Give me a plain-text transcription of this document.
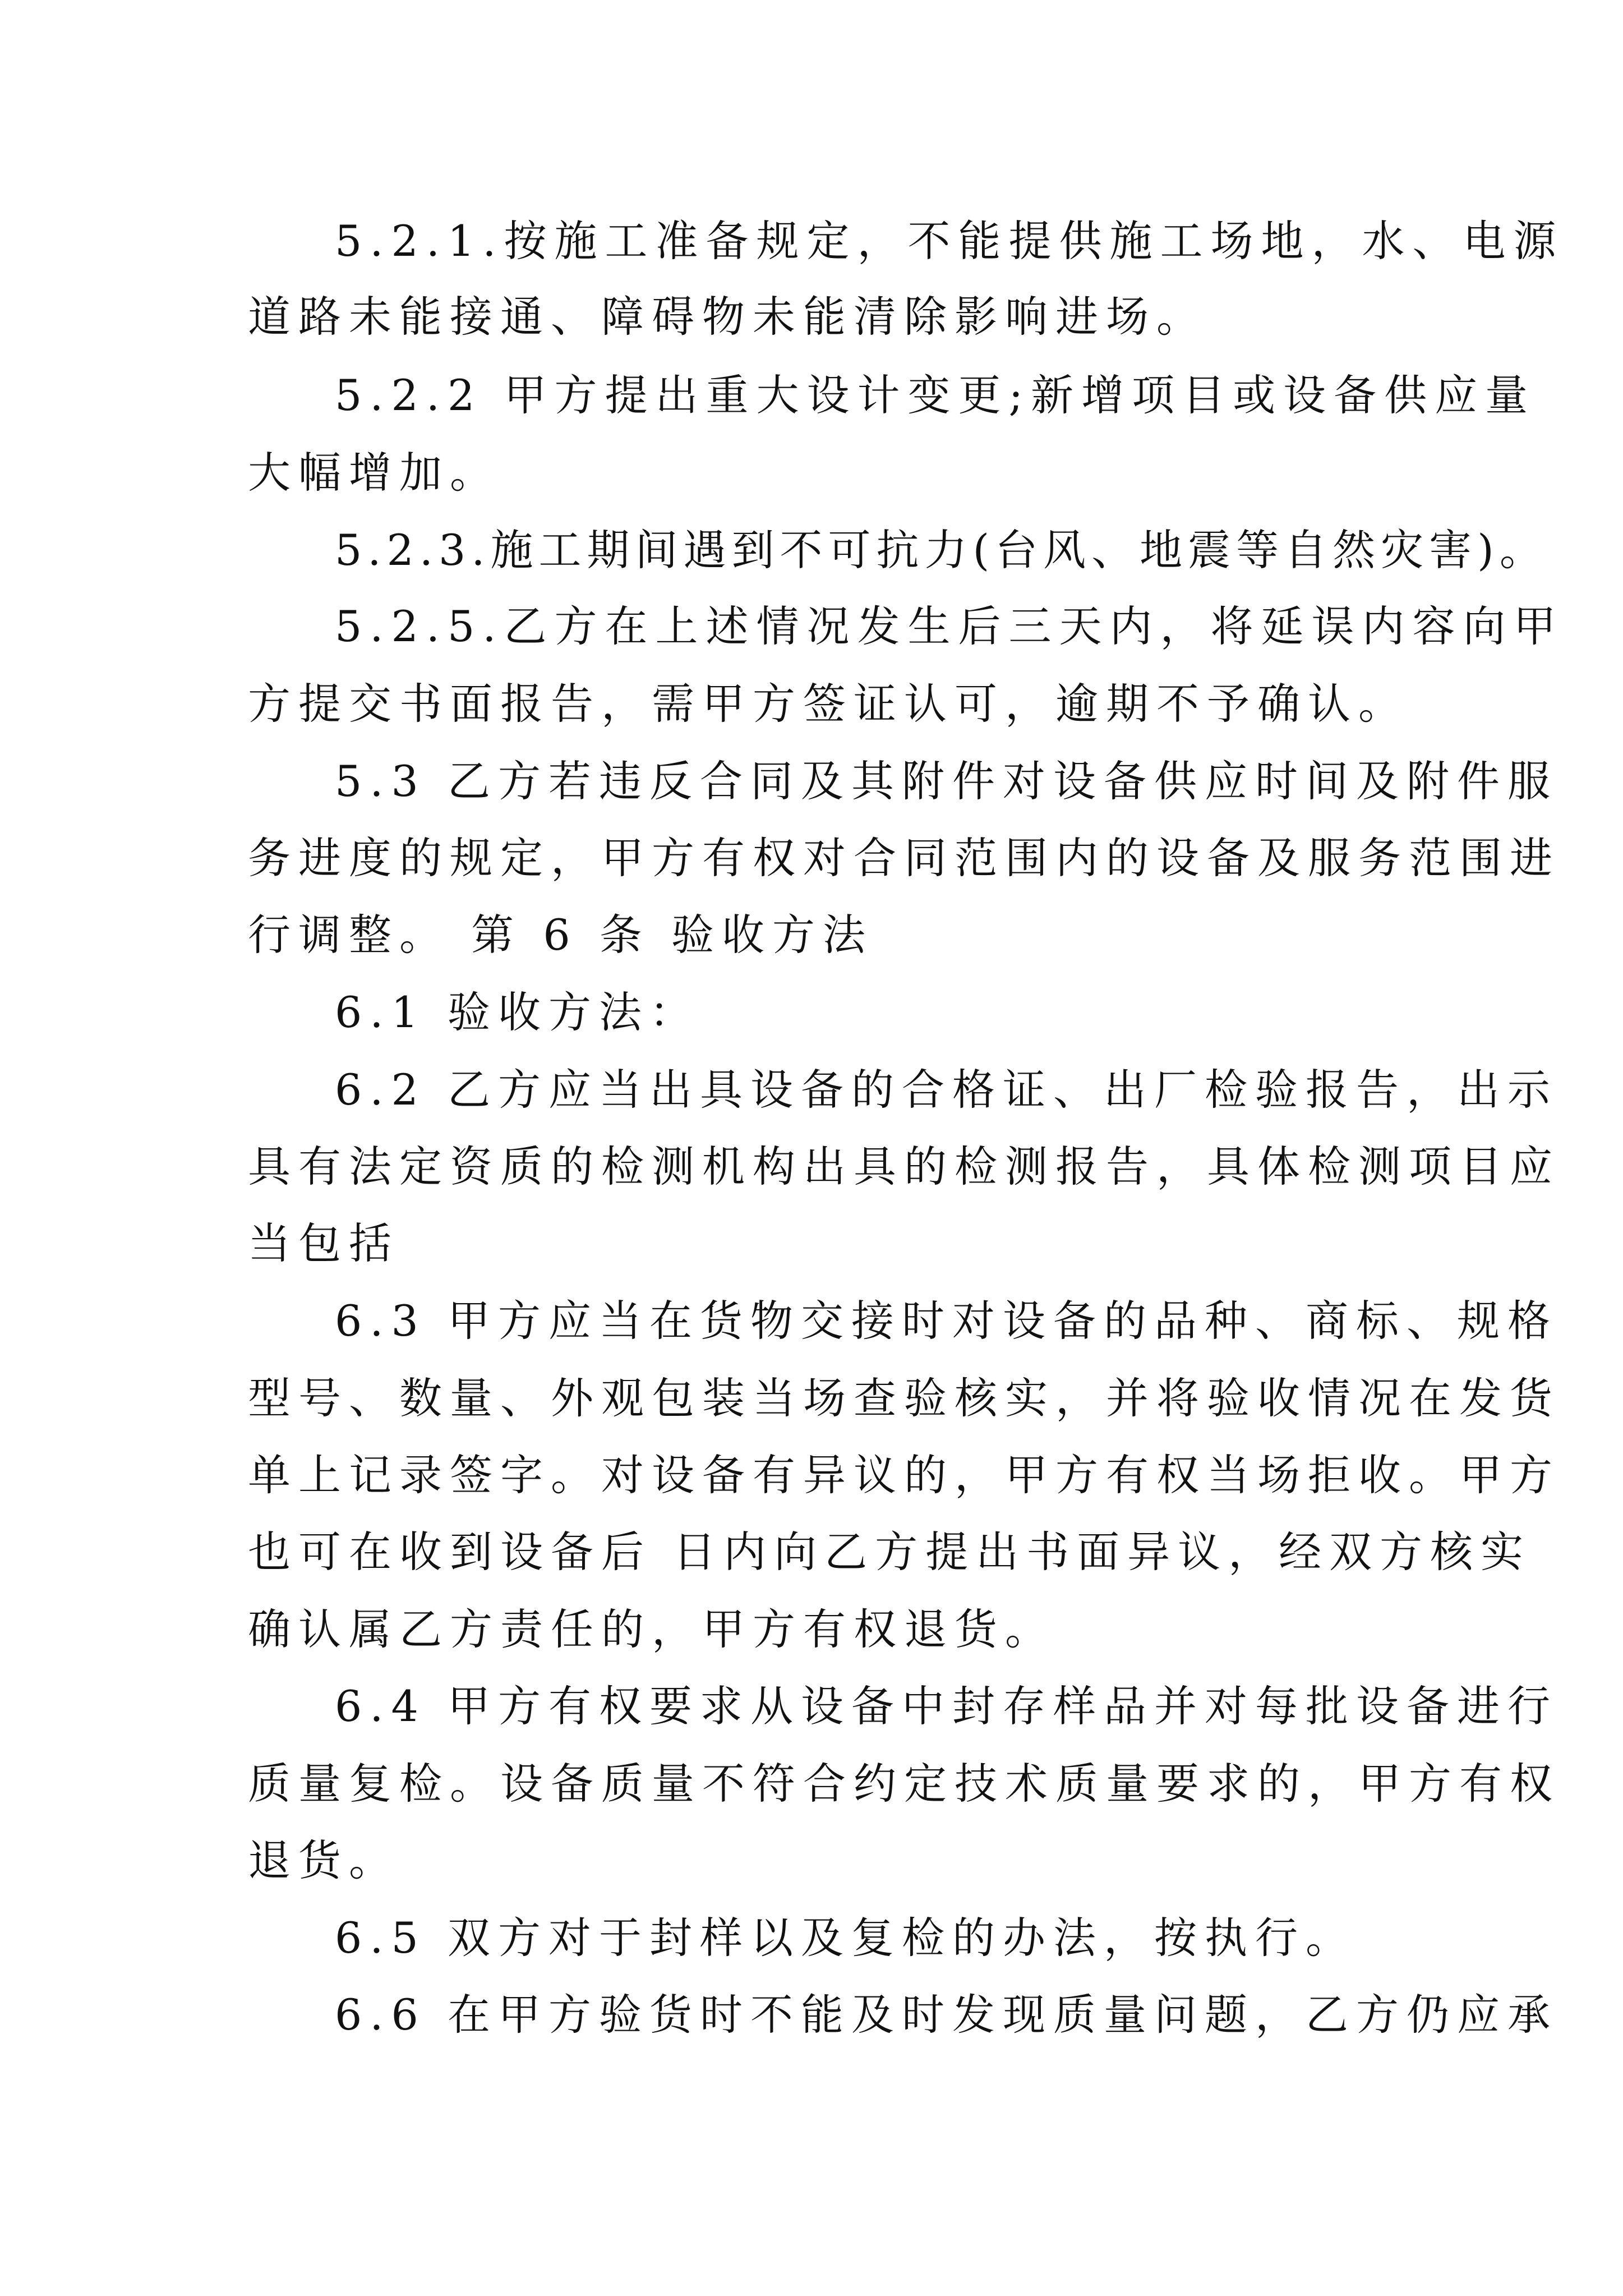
5.2.1.按施工准备规定，不能提供施工场地，水、电源
道路未能接通、障碍物未能清除影响进场。
5.2.2 甲方提出重大设计变更;新增项目或设备供应量
大幅增加。
5.2.3.施工期间遇到不可抗力(台风、地震等自然灾害)。
5.2.5.乙方在上述情况发生后三天内，将延误内容向甲
方提交书面报告，需甲方签证认可，逾期不予确认。
5.3 乙方若违反合同及其附件对设备供应时间及附件服
务进度的规定，甲方有权对合同范围内的设备及服务范围进
行调整。 第 6 条 验收方法
6.1 验收方法：
6.2 乙方应当出具设备的合格证、出厂检验报告，出示
具有法定资质的检测机构出具的检测报告，具体检测项目应
当包括
6.3 甲方应当在货物交接时对设备的品种、商标、规格
型号、数量、外观包装当场查验核实，并将验收情况在发货
单上记录签字。对设备有异议的，甲方有权当场拒收。甲方
也可在收到设备后 日内向乙方提出书面异议，经双方核实
确认属乙方责任的，甲方有权退货。
6.4 甲方有权要求从设备中封存样品并对每批设备进行
质量复检。设备质量不符合约定技术质量要求的，甲方有权
退货。
6.5 双方对于封样以及复检的办法，按执行。
6.6 在甲方验货时不能及时发现质量问题，乙方仍应承
